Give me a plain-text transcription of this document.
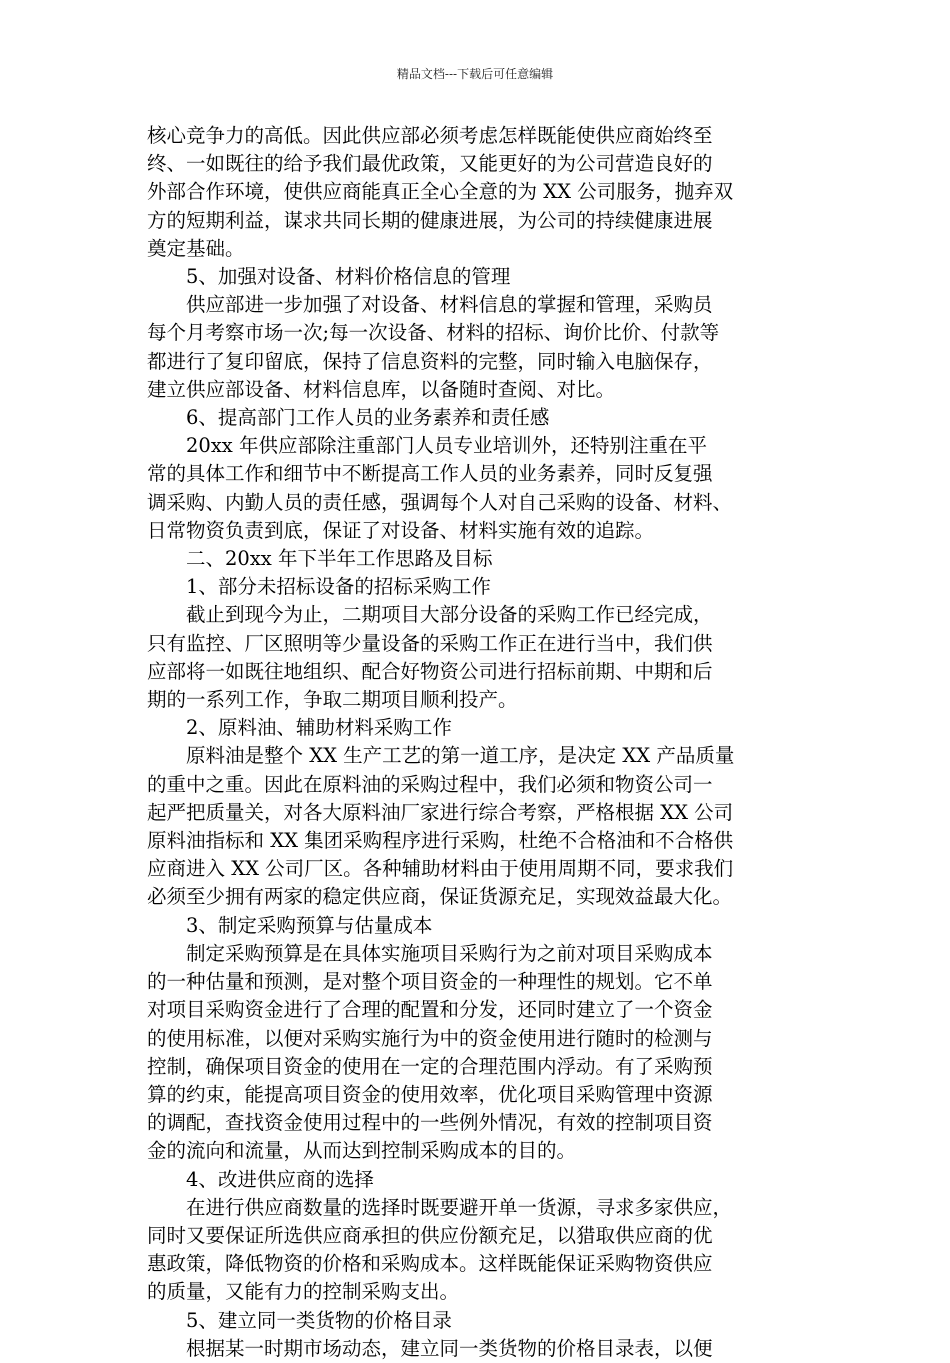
精品文档---下载后可任意编辑

核心竞争力的高低。因此供应部必须考虑怎样既能使供应商始终至
终、一如既往的给予我们最优政策，又能更好的为公司营造良好的
外部合作环境，使供应商能真正全心全意的为 XX 公司服务，抛弃双
方的短期利益，谋求共同长期的健康进展，为公司的持续健康进展
奠定基础。

5、加强对设备、材料价格信息的管理

供应部进一步加强了对设备、材料信息的掌握和管理，采购员
每个月考察市场一次;每一次设备、材料的招标、询价比价、付款等
都进行了复印留底，保持了信息资料的完整，同时输入电脑保存，
建立供应部设备、材料信息库，以备随时查阅、对比。

6、提高部门工作人员的业务素养和责任感

20xx 年供应部除注重部门人员专业培训外，还特别注重在平
常的具体工作和细节中不断提高工作人员的业务素养，同时反复强
调采购、内勤人员的责任感，强调每个人对自己采购的设备、材料、
日常物资负责到底，保证了对设备、材料实施有效的追踪。

二、20xx 年下半年工作思路及目标

1、部分未招标设备的招标采购工作

截止到现今为止，二期项目大部分设备的采购工作已经完成，
只有监控、厂区照明等少量设备的采购工作正在进行当中，我们供
应部将一如既往地组织、配合好物资公司进行招标前期、中期和后
期的一系列工作，争取二期项目顺利投产。

2、原料油、辅助材料采购工作

原料油是整个 XX 生产工艺的第一道工序，是决定 XX 产品质量
的重中之重。因此在原料油的采购过程中，我们必须和物资公司一
起严把质量关，对各大原料油厂家进行综合考察，严格根据 XX 公司
原料油指标和 XX 集团采购程序进行采购，杜绝不合格油和不合格供
应商进入 XX 公司厂区。各种辅助材料由于使用周期不同，要求我们
必须至少拥有两家的稳定供应商，保证货源充足，实现效益最大化。

3、制定采购预算与估量成本

制定采购预算是在具体实施项目采购行为之前对项目采购成本
的一种估量和预测，是对整个项目资金的一种理性的规划。它不单
对项目采购资金进行了合理的配置和分发，还同时建立了一个资金
的使用标准，以便对采购实施行为中的资金使用进行随时的检测与
控制，确保项目资金的使用在一定的合理范围内浮动。有了采购预
算的约束，能提高项目资金的使用效率，优化项目采购管理中资源
的调配，查找资金使用过程中的一些例外情况，有效的控制项目资
金的流向和流量，从而达到控制采购成本的目的。

4、改进供应商的选择

在进行供应商数量的选择时既要避开单一货源，寻求多家供应，
同时又要保证所选供应商承担的供应份额充足，以猎取供应商的优
惠政策，降低物资的价格和采购成本。这样既能保证采购物资供应
的质量，又能有力的控制采购支出。

5、建立同一类货物的价格目录

根据某一时期市场动态，建立同一类货物的价格目录表，以便
